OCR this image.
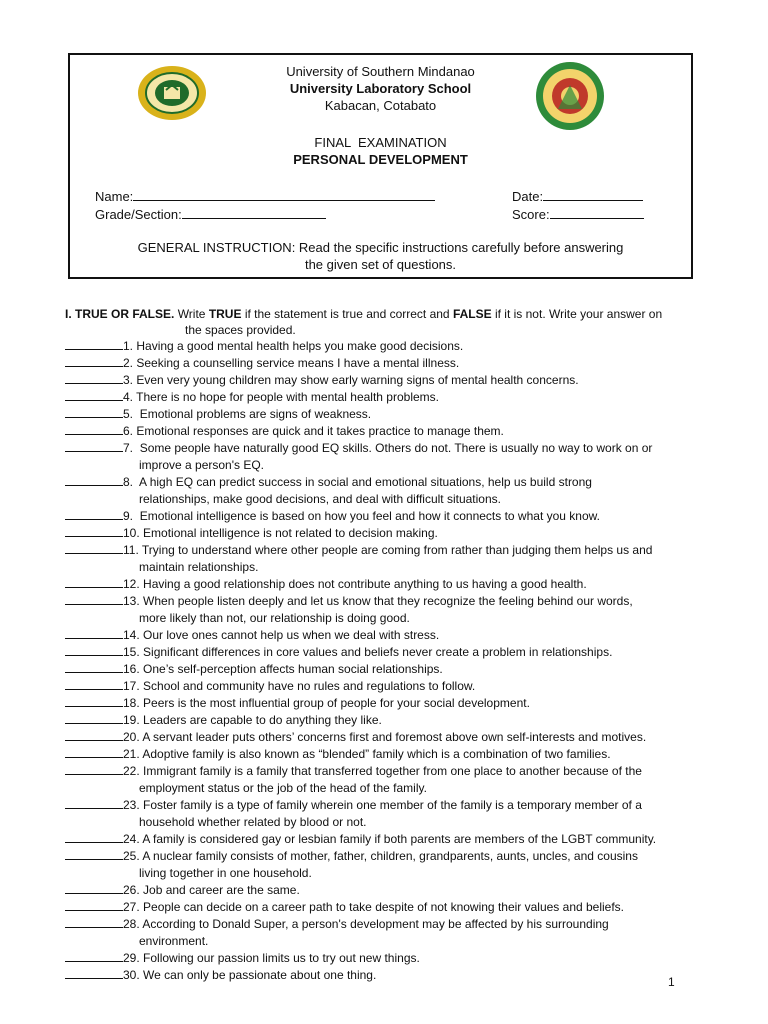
University of Southern Mindanao
University Laboratory School
Kabacan, Cotabato
FINAL  EXAMINATION
PERSONAL DEVELOPMENT
Name:	Date:
Grade/Section:	Score:
GENERAL INSTRUCTION: Read the specific instructions carefully before answering
the given set of questions.
I. TRUE OR FALSE. Write TRUE if the statement is true and correct and FALSE if it is not. Write your answer on
the spaces provided.
1. Having a good mental health helps you make good decisions.
2. Seeking a counselling service means I have a mental illness.
3. Even very young children may show early warning signs of mental health concerns.
4. There is no hope for people with mental health problems.
5.  Emotional problems are signs of weakness.
6. Emotional responses are quick and it takes practice to manage them.
7.  Some people have naturally good EQ skills. Others do not. There is usually no way to work on or
improve a person's EQ.
8.  A high EQ can predict success in social and emotional situations, help us build strong
relationships, make good decisions, and deal with difficult situations.
9.  Emotional intelligence is based on how you feel and how it connects to what you know.
10. Emotional intelligence is not related to decision making.
11. Trying to understand where other people are coming from rather than judging them helps us and
maintain relationships.
12. Having a good relationship does not contribute anything to us having a good health.
13. When people listen deeply and let us know that they recognize the feeling behind our words,
more likely than not, our relationship is doing good.
14. Our love ones cannot help us when we deal with stress.
15. Significant differences in core values and beliefs never create a problem in relationships.
16. One’s self-perception affects human social relationships.
17. School and community have no rules and regulations to follow.
18. Peers is the most influential group of people for your social development.
19. Leaders are capable to do anything they like.
20. A servant leader puts others’ concerns first and foremost above own self-interests and motives.
21. Adoptive family is also known as “blended” family which is a combination of two families.
22. Immigrant family is a family that transferred together from one place to another because of the
employment status or the job of the head of the family.
23. Foster family is a type of family wherein one member of the family is a temporary member of a
household whether related by blood or not.
24. A family is considered gay or lesbian family if both parents are members of the LGBT community.
25. A nuclear family consists of mother, father, children, grandparents, aunts, uncles, and cousins
living together in one household.
26. Job and career are the same.
27. People can decide on a career path to take despite of not knowing their values and beliefs.
28. According to Donald Super, a person's development may be affected by his surrounding
environment.
29. Following our passion limits us to try out new things.
30. We can only be passionate about one thing.	1
